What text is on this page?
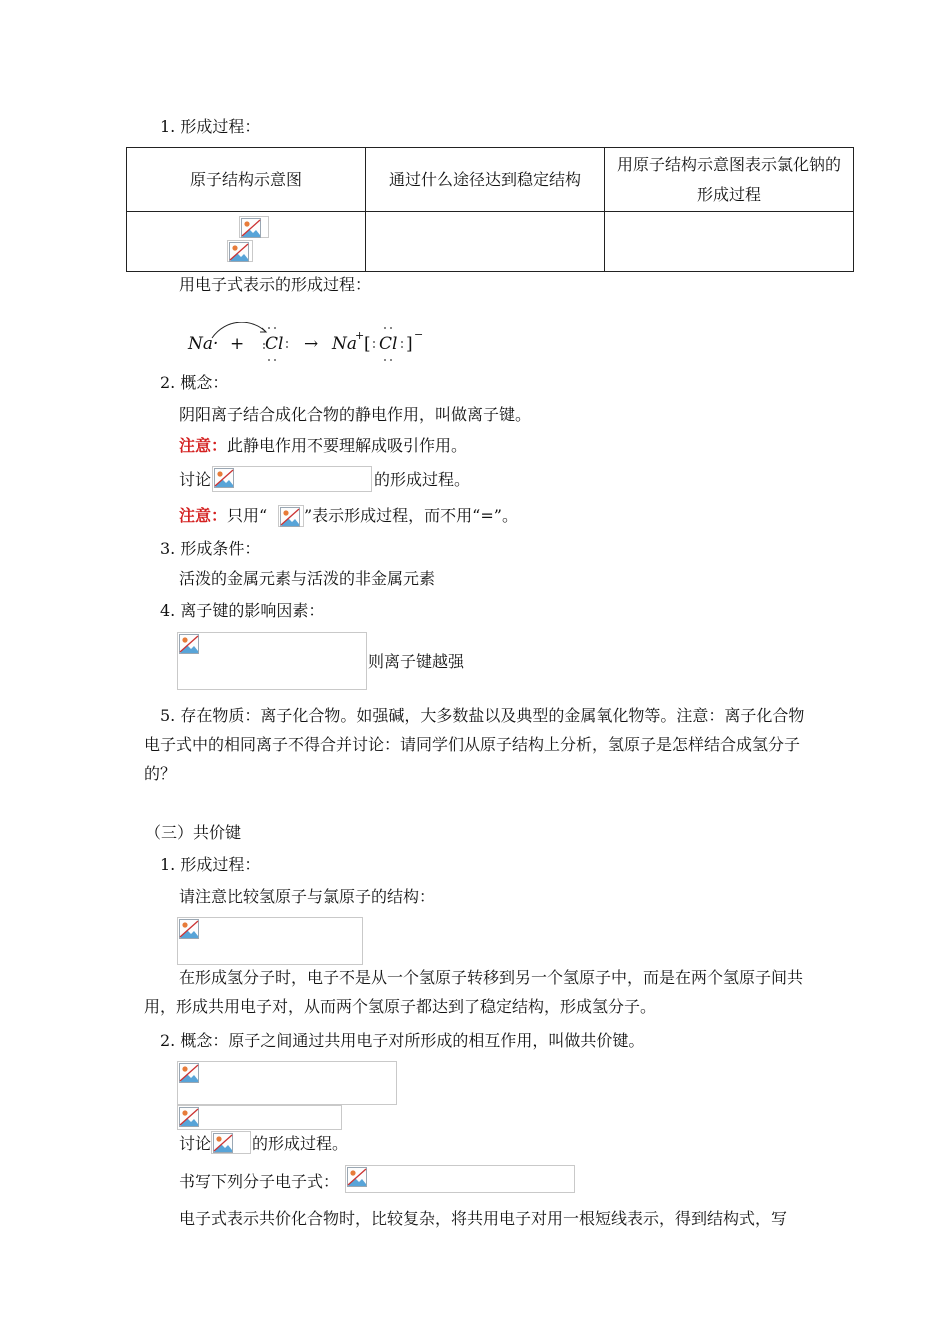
1. 形成过程：
原子结构示意图	通过什么途径达到稳定结构	用原子结构示意图表示氯化钠的形成过程

用电子式表示的形成过程：
Na· + Cl → Na
+ [ Cl ] −
2. 概念：
阴阳离子结合成化合物的静电作用，叫做离子键。
注意：此静电作用不要理解成吸引作用。
讨论	的形成过程。
注意：只用“ ”表示形成过程，而不用“=”。
3. 形成条件：
活泼的金属元素与活泼的非金属元素
4. 离子键的影响因素：
则离子键越强
5. 存在物质：离子化合物。如强碱，大多数盐以及典型的金属氧化物等。注意：离子化合物电子式中的相同离子不得合并讨论：请同学们从原子结构上分析，氢原子是怎样结合成氢分子的？
（三）共价键
1. 形成过程：
请注意比较氢原子与氯原子的结构：
在形成氢分子时，电子不是从一个氢原子转移到另一个氢原子中，而是在两个氢原子间共用，形成共用电子对，从而两个氢原子都达到了稳定结构，形成氢分子。
2. 概念：原子之间通过共用电子对所形成的相互作用，叫做共价键。
讨论	的形成过程。
书写下列分子电子式：
电子式表示共价化合物时，比较复杂，将共用电子对用一根短线表示，得到结构式，写
